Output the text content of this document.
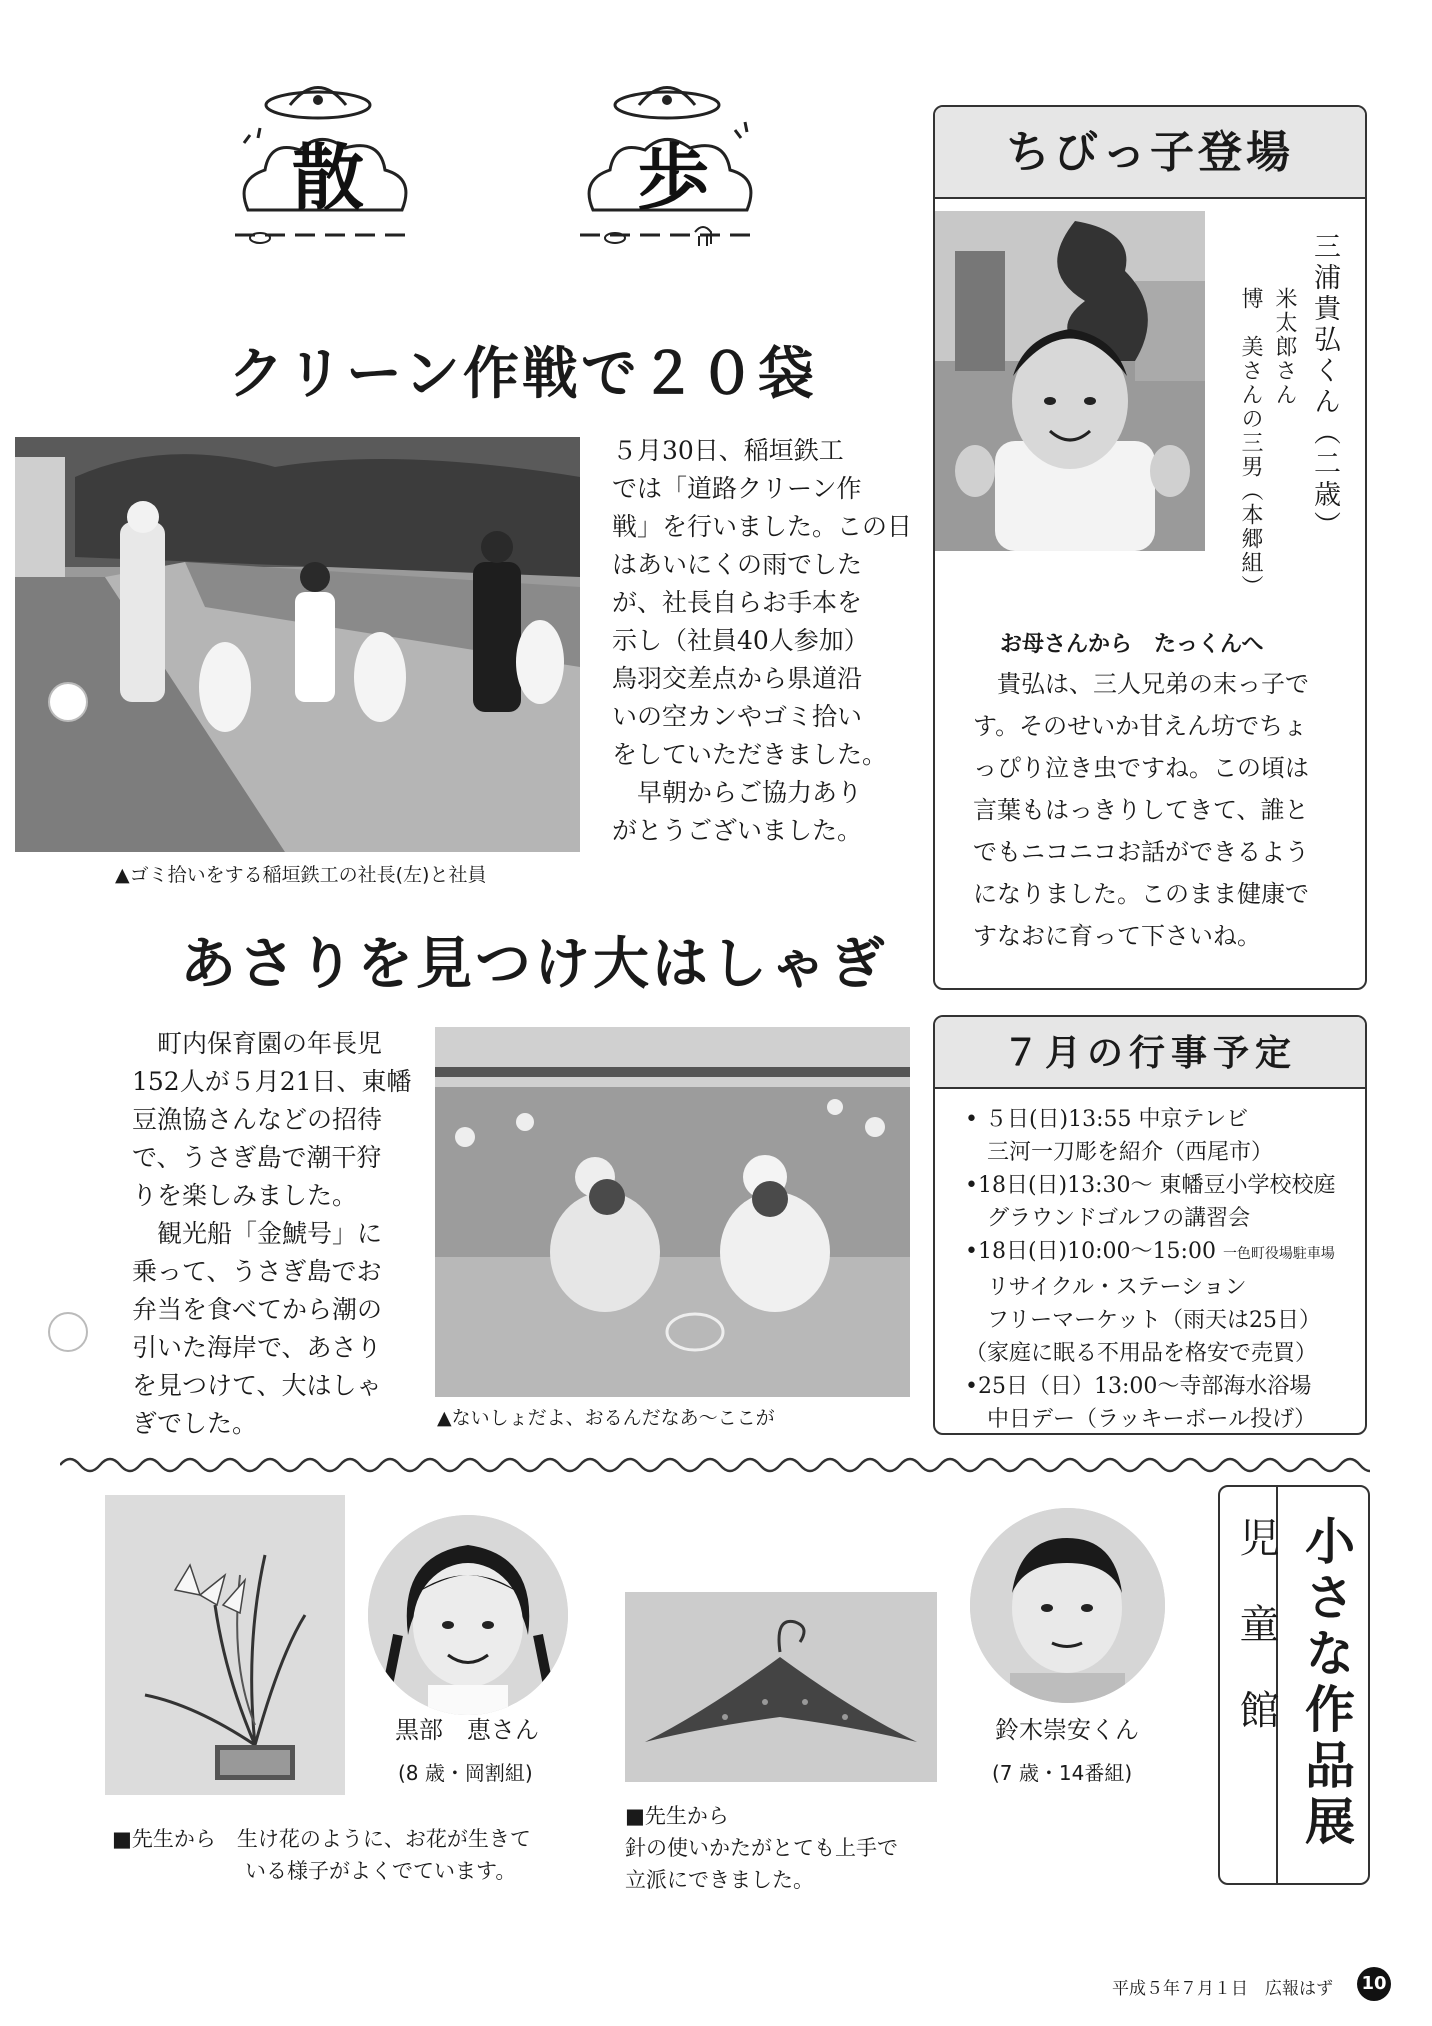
散	歩
クリーン作戦で２０袋
▲ゴミ拾いをする稲垣鉄工の社長(左)と社員

５月30日、稲垣鉄工

では「道路クリーン作

戦」を行いました。この日

はあいにくの雨でした

が、社長自らお手本を

示し（社員40人参加）

鳥羽交差点から県道沿

いの空カンやゴミ拾い

をしていただきました。

　早朝からご協力あり

がとうございました。

あさりを見つけ大はしゃぎ

　町内保育園の年長児

152人が５月21日、東幡

豆漁協さんなどの招待

で、うさぎ島で潮干狩

りを楽しみました。

　観光船「金鯱号」に

乗って、うさぎ島でお

弁当を食べてから潮の

引いた海岸で、あさり

を見つけて、大はしゃ

ぎでした。	▲ないしょだよ、おるんだなあ～ここが
ちびっ子登場
三浦貴弘くん（二歳）
米太郎さん
博　美さんの三男（本郷組）
お母さんから　たっくんへ

　貴弘は、三人兄弟の末っ子で

す。そのせいか甘えん坊でちょ

っぴり泣き虫ですね。この頃は

言葉もはっきりしてきて、誰と

でもニコニコお話ができるよう

になりました。このまま健康で

すなおに育って下さいね。

７月の行事予定
• ５日(日)13:55 中京テレビ
　三河一刀彫を紹介（西尾市）
•18日(日)13:30～ 東幡豆小学校校庭
　グラウンドゴルフの講習会
•18日(日)10:00～15:00 一色町役場駐車場
　リサイクル・ステーション
　フリーマーケット（雨天は25日）
（家庭に眠る不用品を格安で売買）
•25日（日）13:00～寺部海水浴場
　中日デー（ラッキーボール投げ）
■先生から　生け花のように、お花が生きて
いる様子がよくでています。
黒部　恵さん
(8 歳・岡割組)
■先生から
針の使いかたがとても上手で
立派にできました。
鈴木崇安くん
(7 歳・14番組)	小さな作品展
児童館
平成５年７月１日　広報はず 10
